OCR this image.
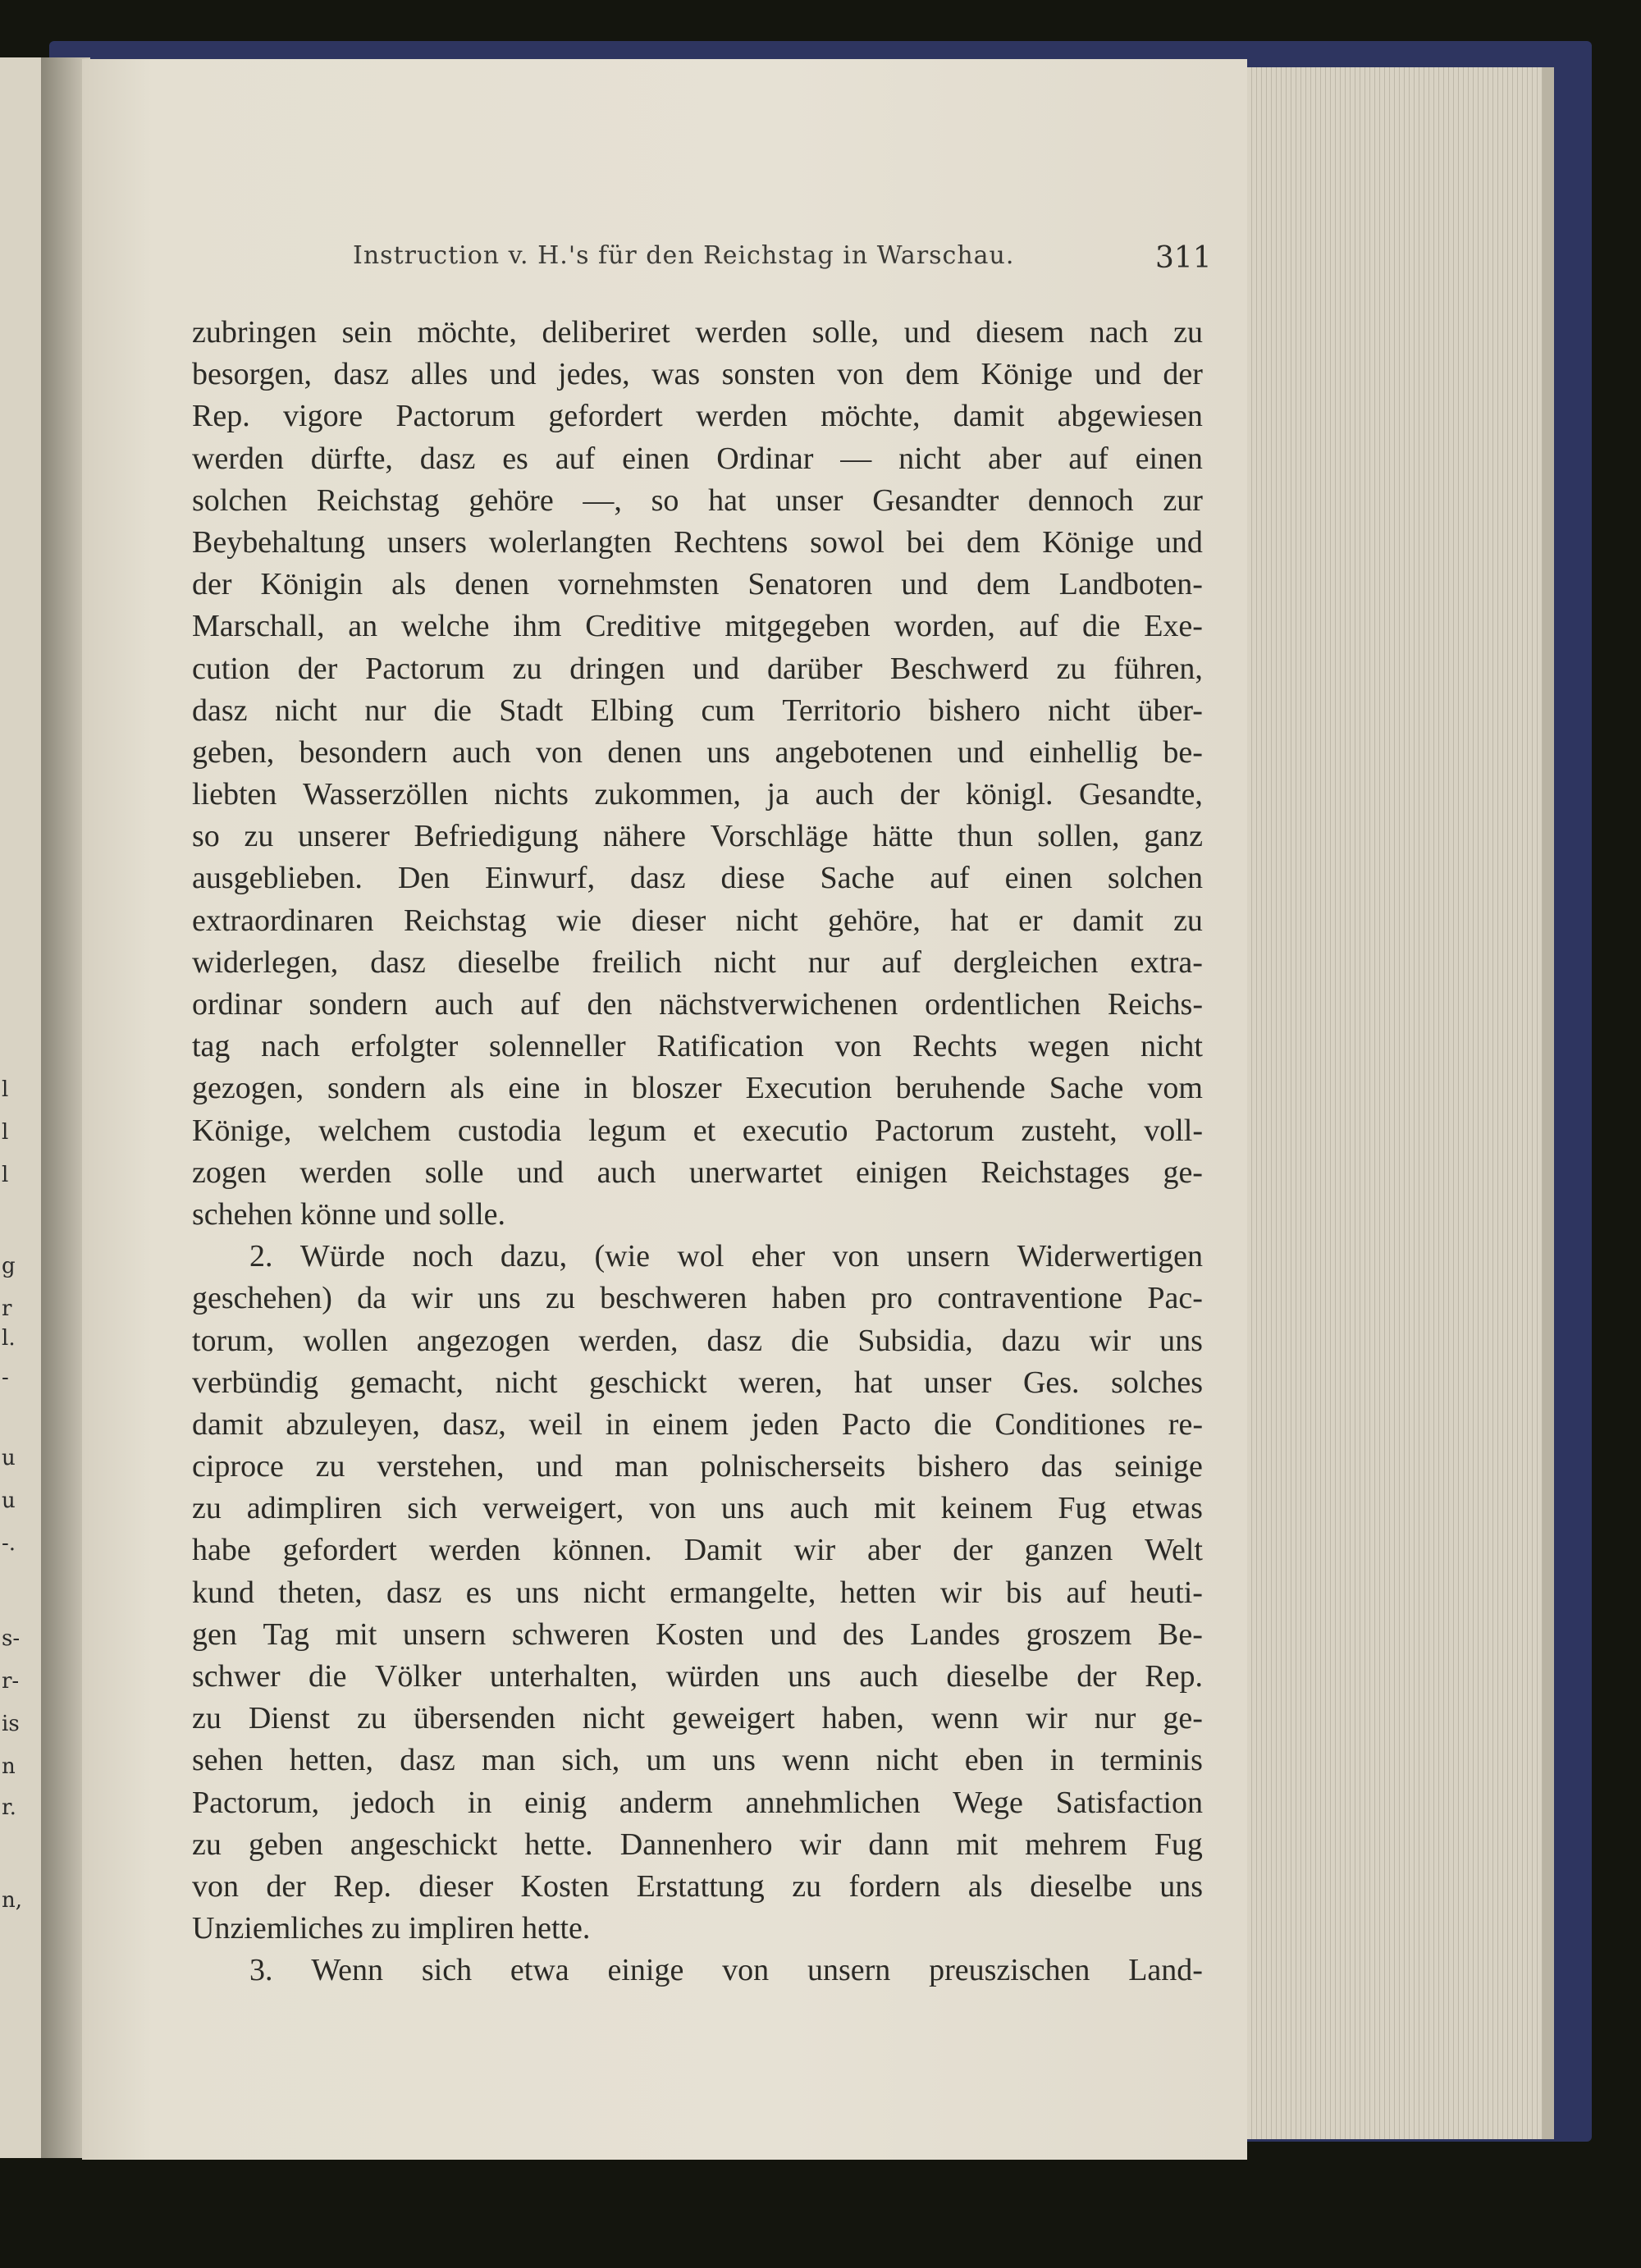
l
l
l
g
r
l.
-
u
u
-.
s-
r-
is
n
r.
n,
Instruction v. H.'s für den Reichstag in Warschau.	311
zubringen sein möchte, deliberiret werden solle, und diesem nach zu
besorgen, dasz alles und jedes, was sonsten von dem Könige und der
Rep. vigore Pactorum gefordert werden möchte, damit abgewiesen
werden dürfte, dasz es auf einen Ordinar — nicht aber auf einen
solchen Reichstag gehöre —, so hat unser Gesandter dennoch zur
Beybehaltung unsers wolerlangten Rechtens sowol bei dem Könige und
der Königin als denen vornehmsten Senatoren und dem Landboten-
Marschall, an welche ihm Creditive mitgegeben worden, auf die Exe-
cution der Pactorum zu dringen und darüber Beschwerd zu führen,
dasz nicht nur die Stadt Elbing cum Territorio bishero nicht über-
geben, besondern auch von denen uns angebotenen und einhellig be-
liebten Wasserzöllen nichts zukommen, ja auch der königl. Gesandte,
so zu unserer Befriedigung nähere Vorschläge hätte thun sollen, ganz
ausgeblieben. Den Einwurf, dasz diese Sache auf einen solchen
extraordinaren Reichstag wie dieser nicht gehöre, hat er damit zu
widerlegen, dasz dieselbe freilich nicht nur auf dergleichen extra-
ordinar sondern auch auf den nächstverwichenen ordentlichen Reichs-
tag nach erfolgter solenneller Ratification von Rechts wegen nicht
gezogen, sondern als eine in bloszer Execution beruhende Sache vom
Könige, welchem custodia legum et executio Pactorum zusteht, voll-
zogen werden solle und auch unerwartet einigen Reichstages ge-
schehen
könne
und
solle.

2. Würde noch dazu, (wie wol eher von unsern Widerwertigen
geschehen) da wir uns zu beschweren haben pro contraventione Pac-
torum, wollen angezogen werden, dasz die Subsidia, dazu wir uns
verbündig gemacht, nicht geschickt weren, hat unser Ges. solches
damit abzuleyen, dasz, weil in einem jeden Pacto die Conditiones re-
ciproce zu verstehen, und man polnischerseits bishero das seinige
zu adimpliren sich verweigert, von uns auch mit keinem Fug etwas
habe gefordert werden können. Damit wir aber der ganzen Welt
kund theten, dasz es uns nicht ermangelte, hetten wir bis auf heuti-
gen Tag mit unsern schweren Kosten und des Landes groszem Be-
schwer die Völker unterhalten, würden uns auch dieselbe der Rep.
zu Dienst zu übersenden nicht geweigert haben, wenn wir nur ge-
sehen hetten, dasz man sich, um uns wenn nicht eben in terminis
Pactorum, jedoch in einig anderm annehmlichen Wege Satisfaction
zu geben angeschickt hette. Dannenhero wir dann mit mehrem Fug
von der Rep. dieser Kosten Erstattung zu fordern als dieselbe uns
Unziemliches
zu
impliren
hette.

3. Wenn sich etwa einige von unsern preuszischen Land-
